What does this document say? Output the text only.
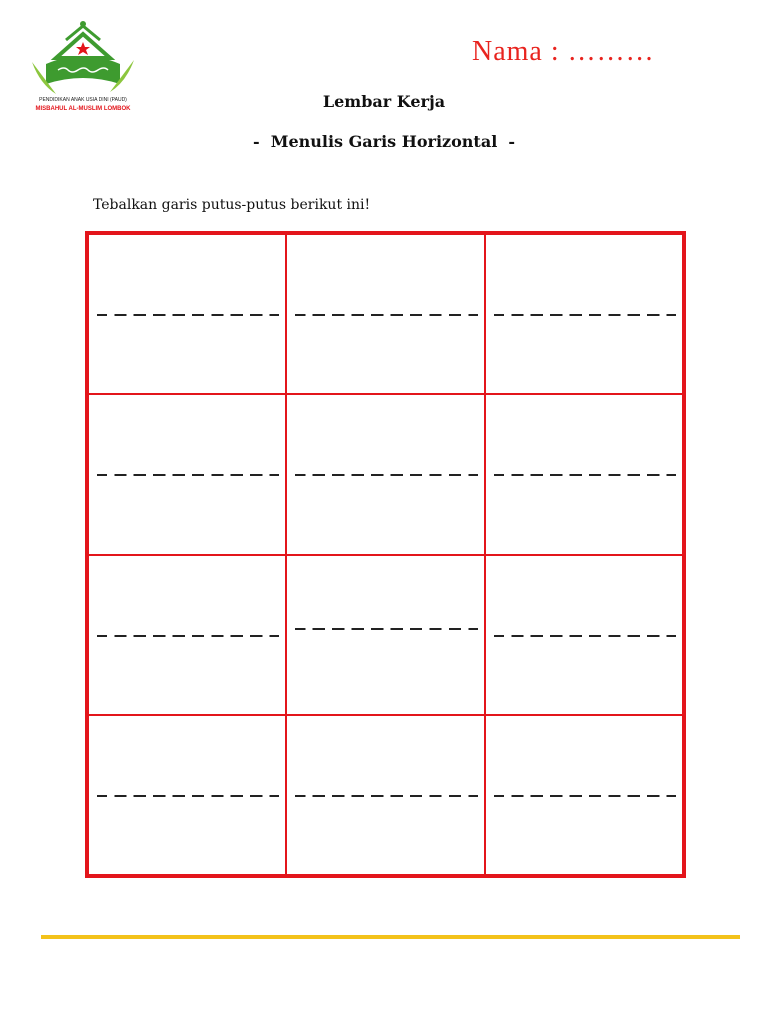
PENDIDIKAN ANAK USIA DINI (PAUD)
MISBAHUL AL-MUSLIM LOMBOK
Nama : ………
Lembar Kerja
-  Menulis Garis Horizontal  -
Tebalkan garis putus-putus berikut ini!
